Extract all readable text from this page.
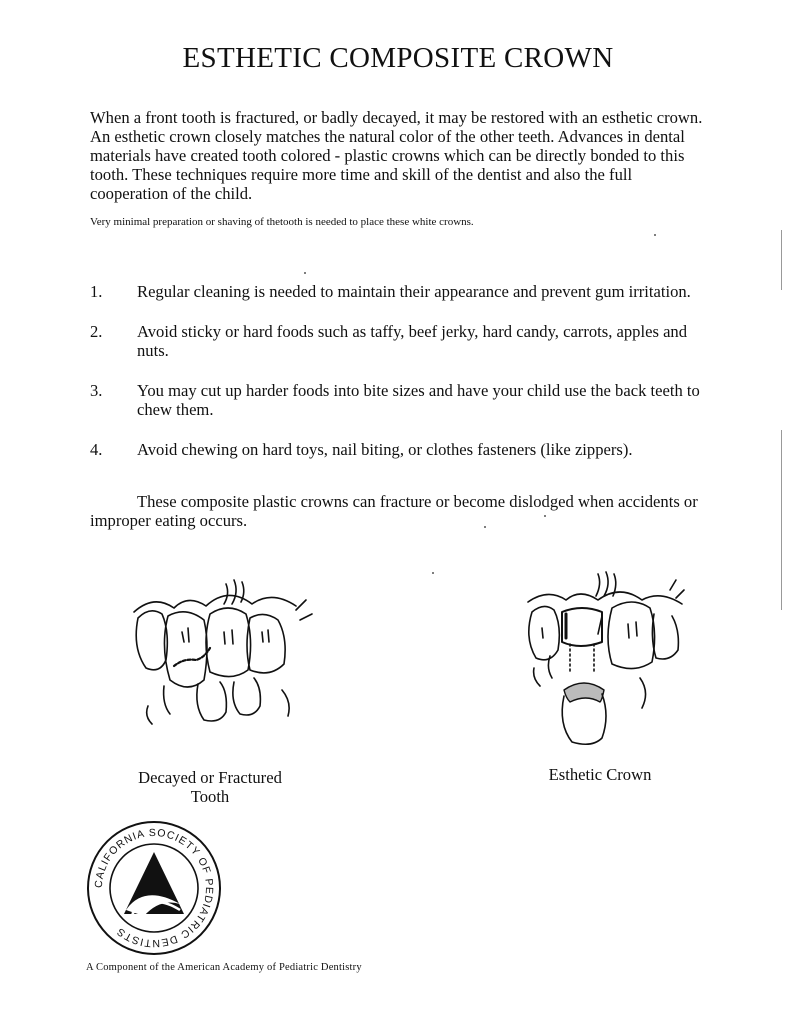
ESTHETIC COMPOSITE CROWN

When a front tooth is fractured, or badly decayed, it may be restored with an esthetic crown. An esthetic crown closely matches the natural color of the other teeth. Advances in dental materials have created tooth colored - plastic crowns which can be directly bonded to this tooth. These techniques require more time and skill of the dentist and also the full cooperation of the child.

Very minimal preparation or shaving of thetooth is needed to place these white crowns.

1. Regular cleaning is needed to maintain their appearance and prevent gum irritation.
2. Avoid sticky or hard foods such as taffy, beef jerky, hard candy, carrots, apples and nuts.
3. You may cut up harder foods into bite sizes and have your child use the back teeth to chew them.
4. Avoid chewing on hard toys, nail biting, or clothes fasteners (like zippers).

These composite plastic crowns can fracture or become dislodged when accidents or improper eating occurs.

Decayed or Fractured
Tooth
Esthetic Crown
CALIFORNIA SOCIETY OF PEDIATRIC DENTISTS
A Component of the American Academy of Pediatric Dentistry
